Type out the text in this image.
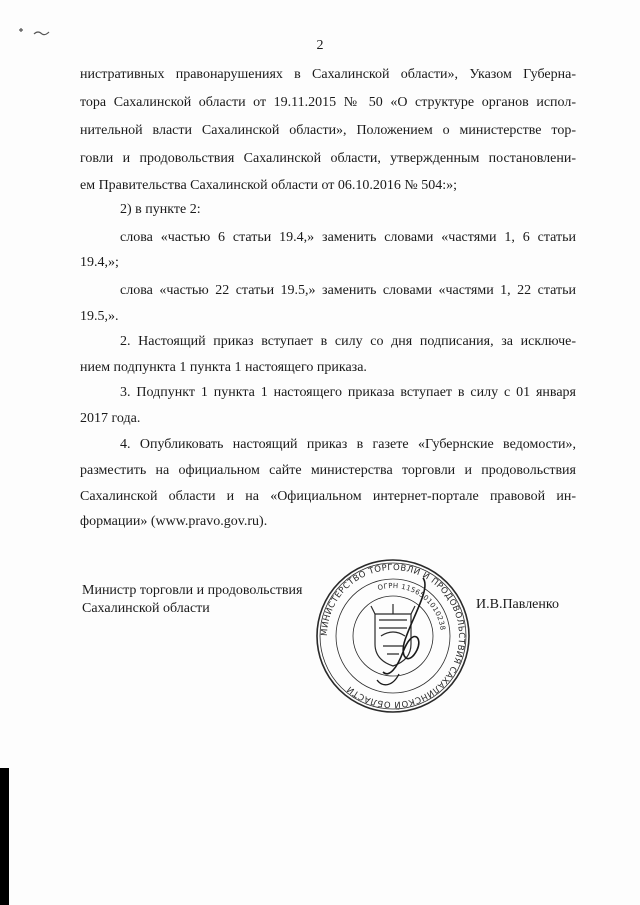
2
нистративных правонарушениях в Сахалинской области», Указом Губерна-
тора Сахалинской области от 19.11.2015 № 50 «О структуре органов испол-
нительной власти Сахалинской области», Положением о министерстве тор-
говли и продовольствия Сахалинской области, утвержденным постановлени-
ем Правительства Сахалинской области от 06.10.2016 № 504:»;
2) в пункте 2:
слова «частью 6 статьи 19.4,» заменить словами «частями 1, 6 статьи
19.4,»;
слова «частью 22 статьи 19.5,» заменить словами «частями 1, 22 статьи
19.5,».
2. Настоящий приказ вступает в силу со дня подписания, за исключе-
нием подпункта 1 пункта 1 настоящего приказа.
3. Подпункт 1 пункта 1 настоящего приказа вступает в силу с 01 января
2017 года.
4. Опубликовать настоящий приказ в газете «Губернские ведомости»,
разместить на официальном сайте министерства торговли и продовольствия
Сахалинской области и на «Официальном интернет-портале правовой ин-
формации» (www.pravo.gov.ru).
Министр торговли и продовольствия
Сахалинской области
МИНИСТЕРСТВО ТОРГОВЛИ И ПРОДОВОЛЬСТВИЯ САХАЛИНСКОЙ ОБЛАСТИ
ОГРН 1156501010238
И.В.Павленко
